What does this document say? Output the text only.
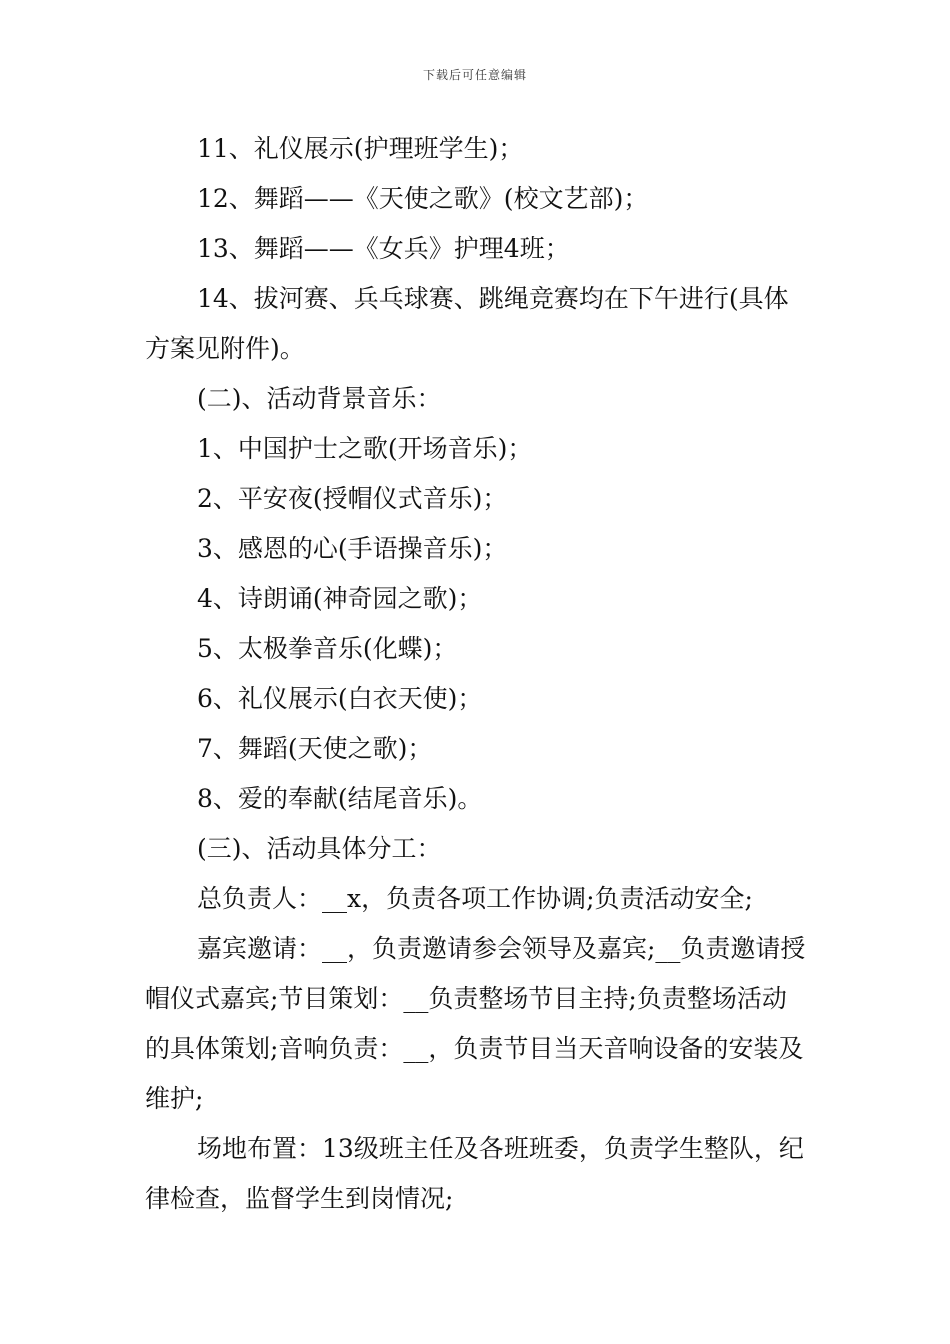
下载后可任意编辑

11、礼仪展示(护理班学生)；

12、舞蹈——《天使之歌》(校文艺部)；

13、舞蹈——《女兵》护理4班；

14、拔河赛、兵乓球赛、跳绳竞赛均在下午进行(具体方案见附件)。

(二)、活动背景音乐：

1、中国护士之歌(开场音乐)；

2、平安夜(授帽仪式音乐)；

3、感恩的心(手语操音乐)；

4、诗朗诵(神奇园之歌)；

5、太极拳音乐(化蝶)；

6、礼仪展示(白衣天使)；

7、舞蹈(天使之歌)；

8、爱的奉献(结尾音乐)。

(三)、活动具体分工：

总负责人：__x，负责各项工作协调;负责活动安全;

嘉宾邀请：__，负责邀请参会领导及嘉宾;__负责邀请授帽仪式嘉宾;节目策划：__负责整场节目主持;负责整场活动的具体策划;音响负责：__，负责节目当天音响设备的安装及维护;

场地布置：13级班主任及各班班委，负责学生整队，纪律检查，监督学生到岗情况;
